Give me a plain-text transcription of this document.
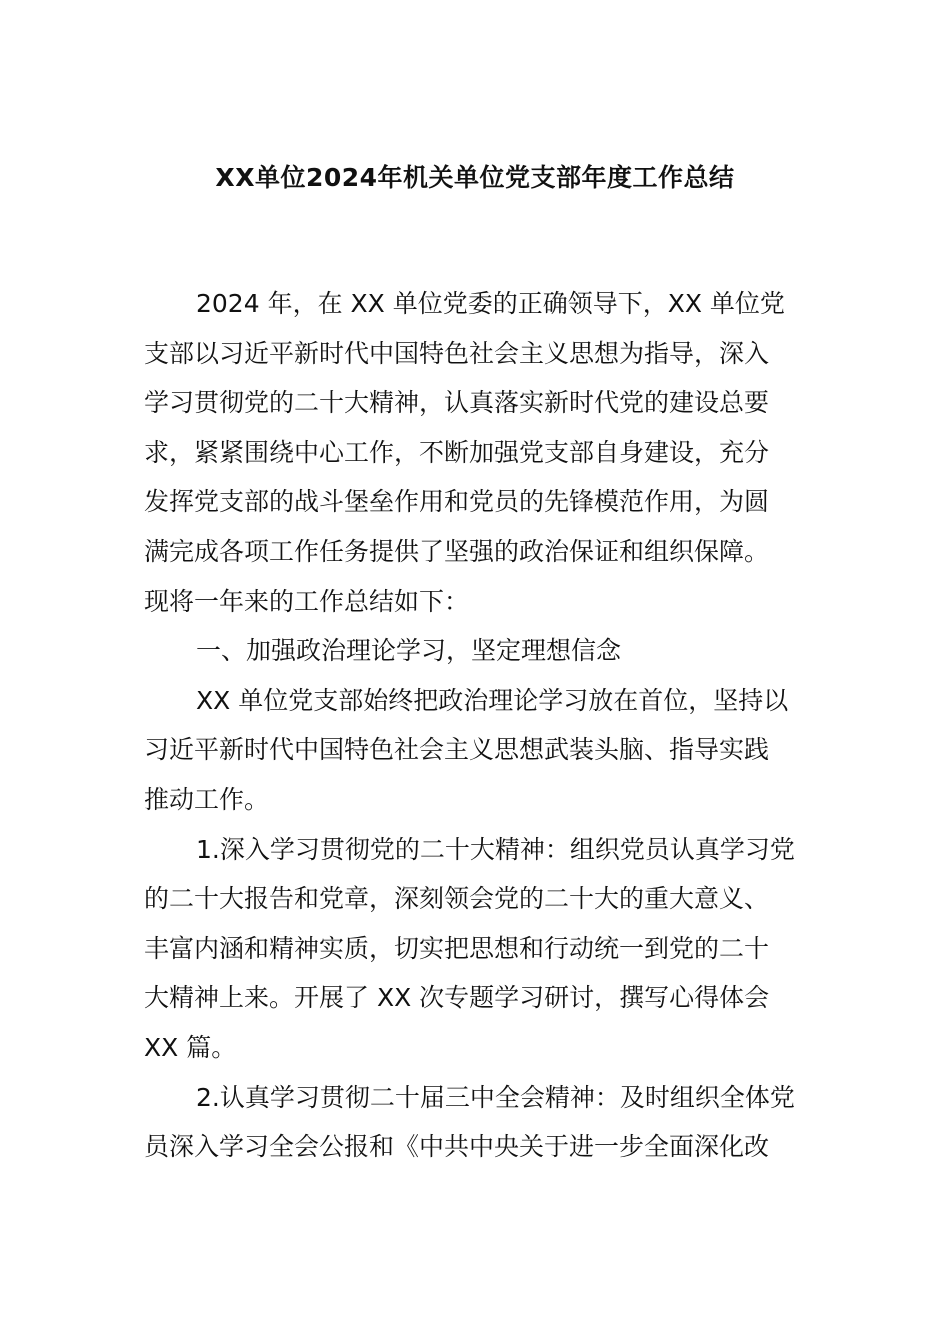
XX单位2024年机关单位党支部年度工作总结

2024 年，在 XX 单位党委的正确领导下，XX 单位党
支部以习近平新时代中国特色社会主义思想为指导，深入
学习贯彻党的二十大精神，认真落实新时代党的建设总要
求，紧紧围绕中心工作，不断加强党支部自身建设，充分
发挥党支部的战斗堡垒作用和党员的先锋模范作用，为圆
满完成各项工作任务提供了坚强的政治保证和组织保障。
现将一年来的工作总结如下：

一、加强政治理论学习，坚定理想信念

XX 单位党支部始终把政治理论学习放在首位，坚持以
习近平新时代中国特色社会主义思想武装头脑、指导实践
推动工作。

1.深入学习贯彻党的二十大精神：组织党员认真学习党
的二十大报告和党章，深刻领会党的二十大的重大意义、
丰富内涵和精神实质，切实把思想和行动统一到党的二十
大精神上来。开展了 XX 次专题学习研讨，撰写心得体会
XX 篇。

2.认真学习贯彻二十届三中全会精神：及时组织全体党
员深入学习全会公报和《中共中央关于进一步全面深化改
